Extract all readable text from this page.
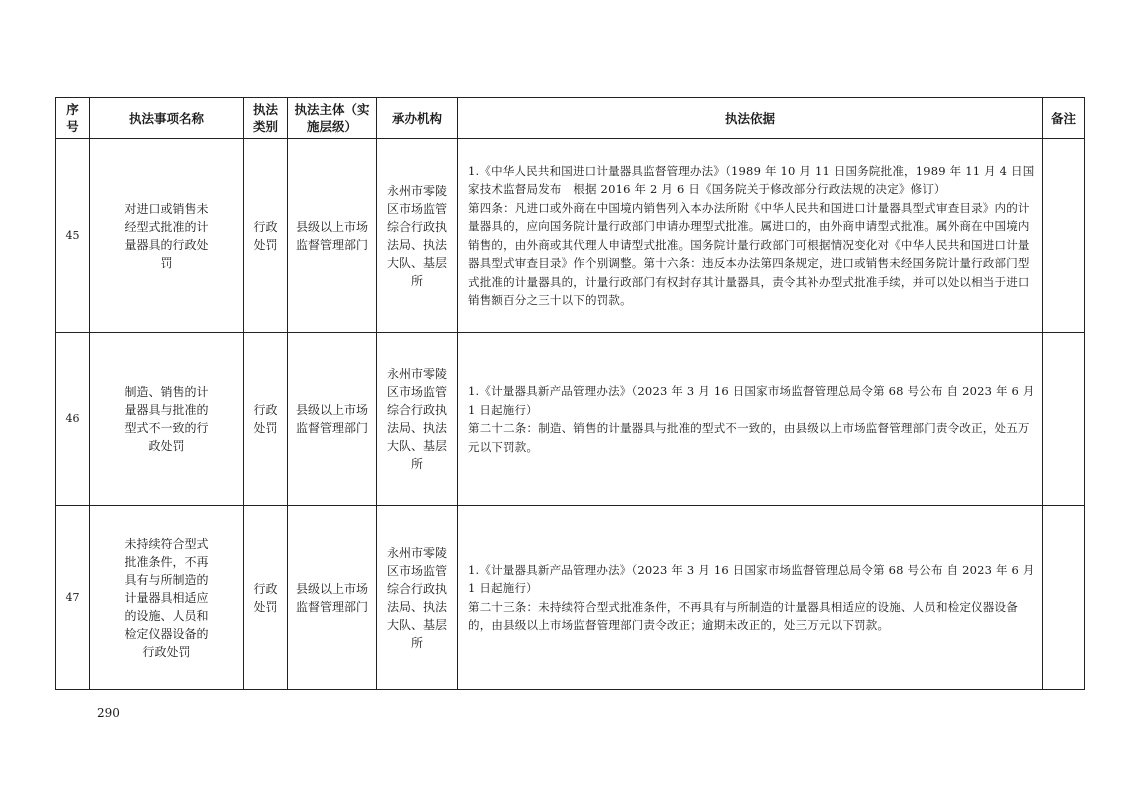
序号	执法事项名称	执法类别	执法主体（实施层级）	承办机构	执法依据	备注
45	对进口或销售未经型式批准的计量器具的行政处罚	行政处罚	县级以上市场监督管理部门	永州市零陵区市场监管综合行政执法局、执法大队、基层所	1.《中华人民共和国进口计量器具监督管理办法》（1989 年 10 月 11 日国务院批准，1989 年 11 月 4 日国家技术监督局发布　根据 2016 年 2 月 6 日《国务院关于修改部分行政法规的决定》修订）
第四条：凡进口或外商在中国境内销售列入本办法所附《中华人民共和国进口计量器具型式审查目录》内的计量器具的，应向国务院计量行政部门申请办理型式批准。属进口的，由外商申请型式批准。属外商在中国境内销售的，由外商或其代理人申请型式批准。国务院计量行政部门可根据情况变化对《中华人民共和国进口计量器具型式审查目录》作个别调整。第十六条：违反本办法第四条规定，进口或销售未经国务院计量行政部门型式批准的计量器具的，计量行政部门有权封存其计量器具，责令其补办型式批准手续，并可以处以相当于进口销售额百分之三十以下的罚款。	

46	制造、销售的计量器具与批准的型式不一致的行政处罚	行政处罚	县级以上市场监督管理部门	永州市零陵区市场监管综合行政执法局、执法大队、基层所	1.《计量器具新产品管理办法》（2023 年 3 月 16 日国家市场监督管理总局令第 68 号公布 自 2023 年 6 月 1 日起施行）
第二十二条：制造、销售的计量器具与批准的型式不一致的，由县级以上市场监督管理部门责令改正，处五万元以下罚款。	

47	未持续符合型式批准条件，不再具有与所制造的计量器具相适应的设施、人员和检定仪器设备的行政处罚	行政处罚	县级以上市场监督管理部门	永州市零陵区市场监管综合行政执法局、执法大队、基层所	1.《计量器具新产品管理办法》（2023 年 3 月 16 日国家市场监督管理总局令第 68 号公布 自 2023 年 6 月 1 日起施行）
第二十三条：未持续符合型式批准条件，不再具有与所制造的计量器具相适应的设施、人员和检定仪器设备的，由县级以上市场监督管理部门责令改正；逾期未改正的，处三万元以下罚款。	

290
